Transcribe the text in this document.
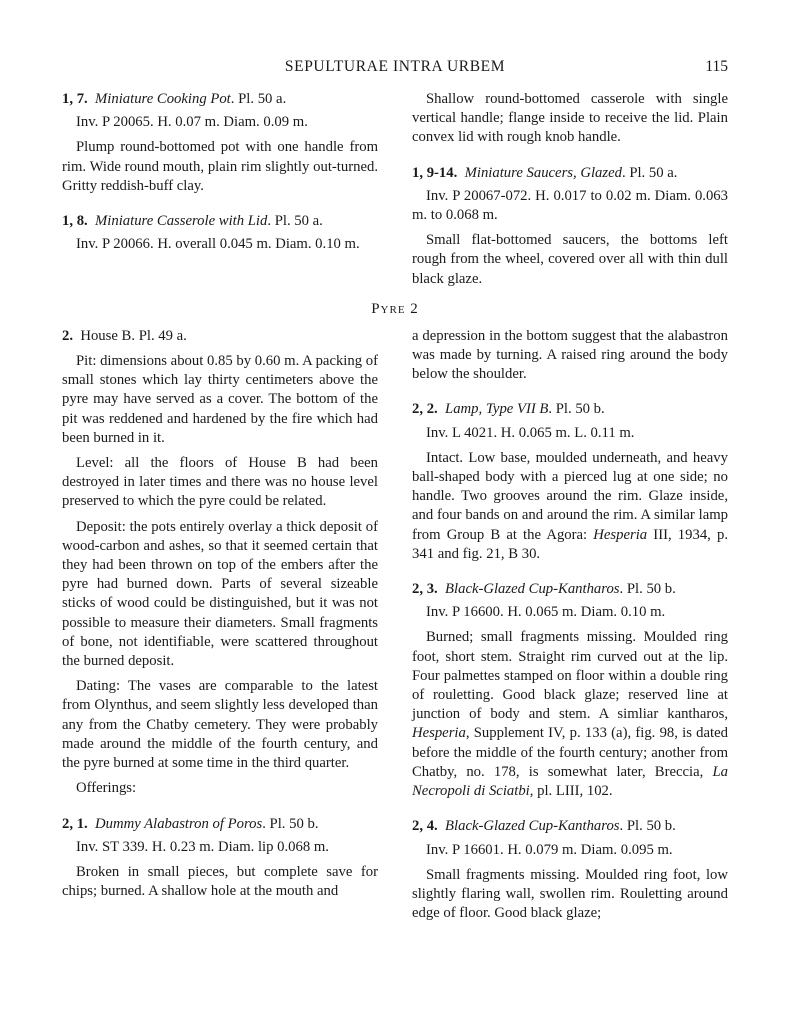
SEPULTURAE INTRA URBEM	115

1, 7. Miniature Cooking Pot. Pl. 50 a.

Inv. P 20065. H. 0.07 m. Diam. 0.09 m.

Plump round-bottomed pot with one handle from rim. Wide round mouth, plain rim slightly out-turned. Gritty reddish-buff clay.

1, 8. Miniature Casserole with Lid. Pl. 50 a.

Inv. P 20066. H. overall 0.045 m. Diam. 0.10 m.

Shallow round-bottomed casserole with single vertical handle; flange inside to receive the lid. Plain convex lid with rough knob handle.

1, 9-14. Miniature Saucers, Glazed. Pl. 50 a.

Inv. P 20067-072. H. 0.017 to 0.02 m. Diam. 0.063 m. to 0.068 m.

Small flat-bottomed saucers, the bottoms left rough from the wheel, covered over all with thin dull black glaze.

Pyre 2

2. House B. Pl. 49 a.

Pit: dimensions about 0.85 by 0.60 m. A packing of small stones which lay thirty centimeters above the pyre may have served as a cover. The bottom of the pit was reddened and hardened by the fire which had been burned in it.

Level: all the floors of House B had been destroyed in later times and there was no house level preserved to which the pyre could be related.

Deposit: the pots entirely overlay a thick deposit of wood-carbon and ashes, so that it seemed certain that they had been thrown on top of the embers after the pyre had burned down. Parts of several sizeable sticks of wood could be distinguished, but it was not possible to measure their diameters. Small fragments of bone, not identifiable, were scattered throughout the burned deposit.

Dating: The vases are comparable to the latest from Olynthus, and seem slightly less developed than any from the Chatby cemetery. They were probably made around the middle of the fourth century, and the pyre burned at some time in the third quarter.

Offerings:

2, 1. Dummy Alabastron of Poros. Pl. 50 b.

Inv. ST 339. H. 0.23 m. Diam. lip 0.068 m.

Broken in small pieces, but complete save for chips; burned. A shallow hole at the mouth and

a depression in the bottom suggest that the alabastron was made by turning. A raised ring around the body below the shoulder.

2, 2. Lamp, Type VII B. Pl. 50 b.

Inv. L 4021. H. 0.065 m. L. 0.11 m.

Intact. Low base, moulded underneath, and heavy ball-shaped body with a pierced lug at one side; no handle. Two grooves around the rim. Glaze inside, and four bands on and around the rim. A similar lamp from Group B at the Agora: Hesperia III, 1934, p. 341 and fig. 21, B 30.

2, 3. Black-Glazed Cup-Kantharos. Pl. 50 b.

Inv. P 16600. H. 0.065 m. Diam. 0.10 m.

Burned; small fragments missing. Moulded ring foot, short stem. Straight rim curved out at the lip. Four palmettes stamped on floor within a double ring of rouletting. Good black glaze; reserved line at junction of body and stem. A simliar kantharos, Hesperia, Supplement IV, p. 133 (a), fig. 98, is dated before the middle of the fourth century; another from Chatby, no. 178, is somewhat later, Breccia, La Necropoli di Sciatbi, pl. LIII, 102.

2, 4. Black-Glazed Cup-Kantharos. Pl. 50 b.

Inv. P 16601. H. 0.079 m. Diam. 0.095 m.

Small fragments missing. Moulded ring foot, low slightly flaring wall, swollen rim. Rouletting around edge of floor. Good black glaze;
